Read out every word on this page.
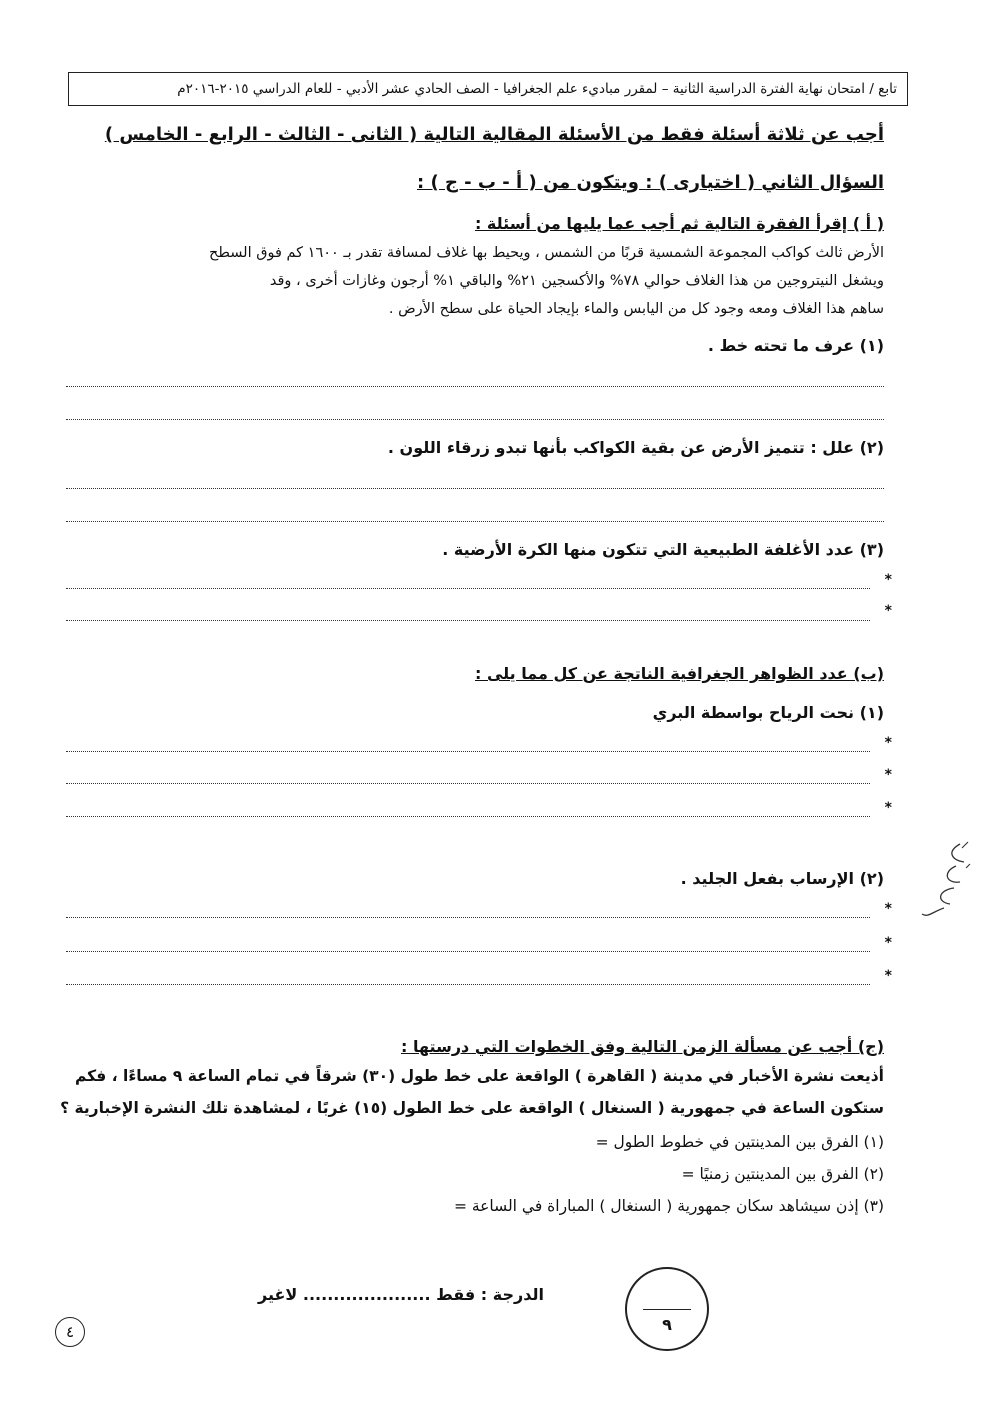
تابع / امتحان نهاية الفترة الدراسية الثانية – لمقرر مباديء علم الجغرافيا - الصف الحادي عشر الأدبي - للعام الدراسي ٢٠١٥-٢٠١٦م
أجب عن ثلاثة أسئلة فقط من الأسئلة المقالية التالية ( الثانى - الثالث - الرابع - الخامس )
السؤال الثاني ( اختيارى ) : ويتكون من ( أ - ب - ج ) :
( أ ) إقرأ الفقرة التالية ثم أجب عما يليها من أسئلة :
الأرض ثالث كواكب المجموعة الشمسية قربًا من الشمس ، ويحيط بها غلاف لمسافة تقدر بـ ١٦٠٠ كم فوق السطح
ويشغل النيتروجين من هذا الغلاف حوالي ٧٨% والأكسجين ٢١% والباقي ١% أرجون وغازات أخرى ، وقد
ساهم هذا الغلاف ومعه وجود كل من اليابس والماء بإيجاد الحياة على سطح الأرض .
(١) عرف ما تحته خط .
(٢) علل : تتميز الأرض عن بقية الكواكب بأنها تبدو زرقاء اللون .
(٣) عدد الأغلفة الطبيعية التي تتكون منها الكرة الأرضية .
*
*
(ب) عدد الظواهر الجغرافية الناتجة عن كل مما يلى :
(١) نحت الرياح بواسطة البري
*
*
*
(٢) الإرساب بفعل الجليد .
*
*
*
(ج) أجب عن مسألة الزمن التالية وفق الخطوات التي درستها :
أذيعت نشرة الأخبار في مدينة ( القاهرة ) الواقعة على خط طول (٣٠) شرقاً في تمام الساعة ٩ مساءًا ، فكم
ستكون الساعة في جمهورية ( السنغال ) الواقعة على خط الطول (١٥) غربًا ، لمشاهدة تلك النشرة الإخبارية ؟
(١) الفرق بين المدينتين في خطوط الطول =
(٢) الفرق بين المدينتين زمنيًا =
(٣) إذن سيشاهد سكان جمهورية ( السنغال ) المباراة في الساعة =
الدرجة : فقط ..................... لاغير
٩
٤
